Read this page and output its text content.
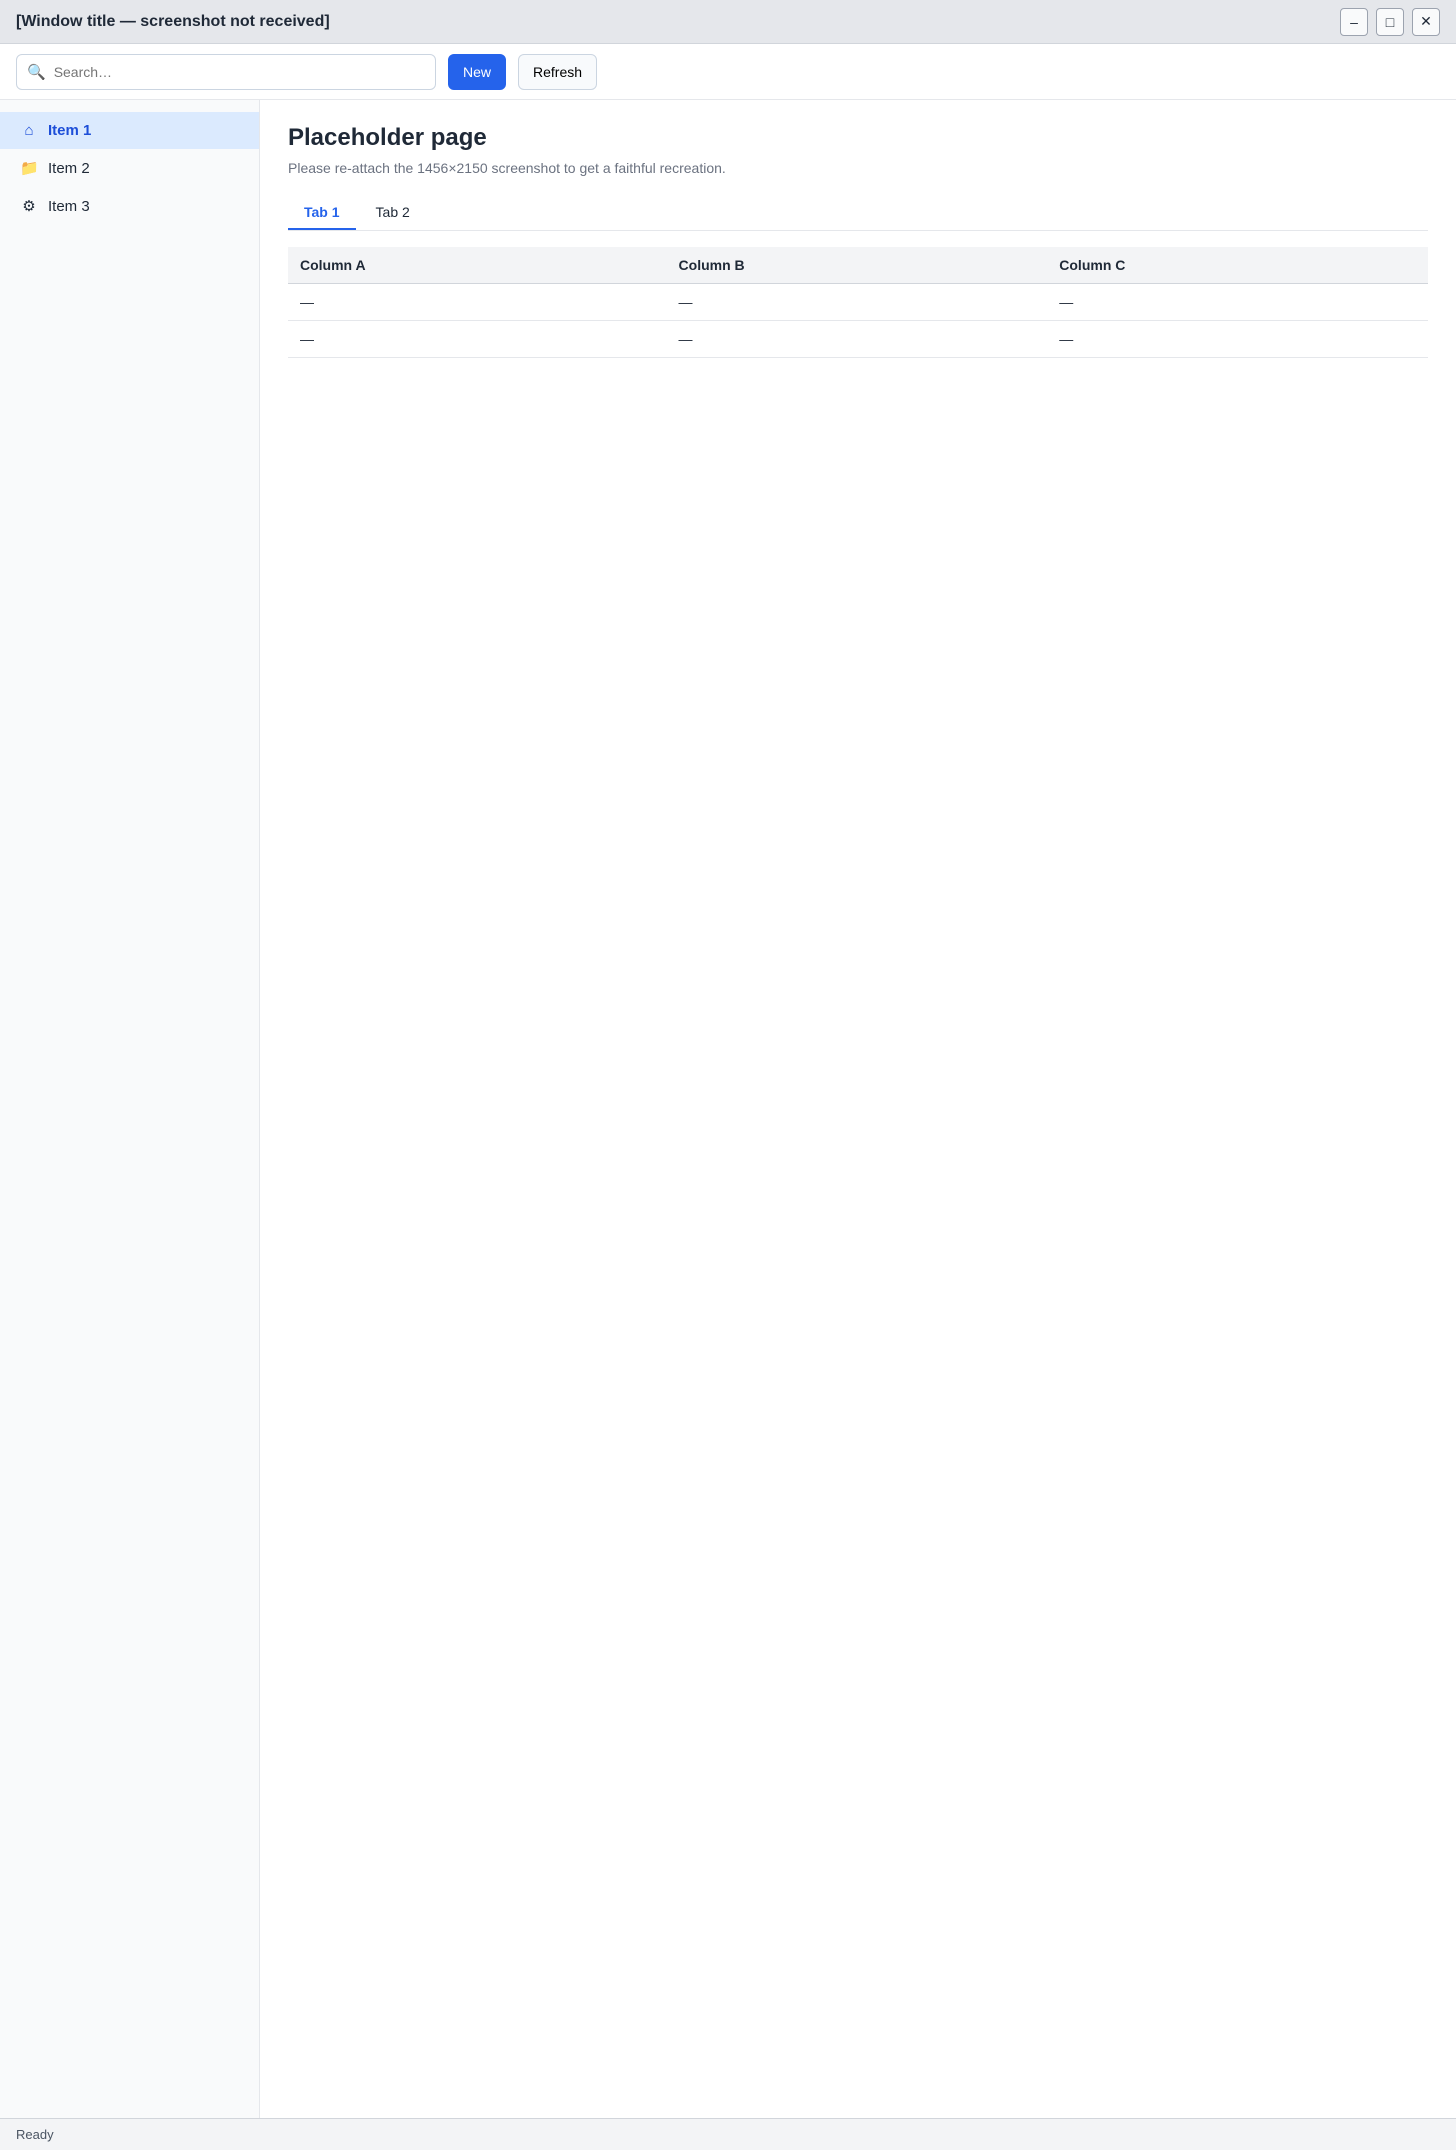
[Window title — screenshot not received]	–	□	✕
🔍
Search…	New	Refresh
⌂ Item 1
📁 Item 2
⚙ Item 3
Placeholder page

Please re-attach the 1456×2150 screenshot to get a faithful recreation.

Tab 1	Tab 2
Column A	Column B	Column C
—	—	—
—	—	—
Ready
